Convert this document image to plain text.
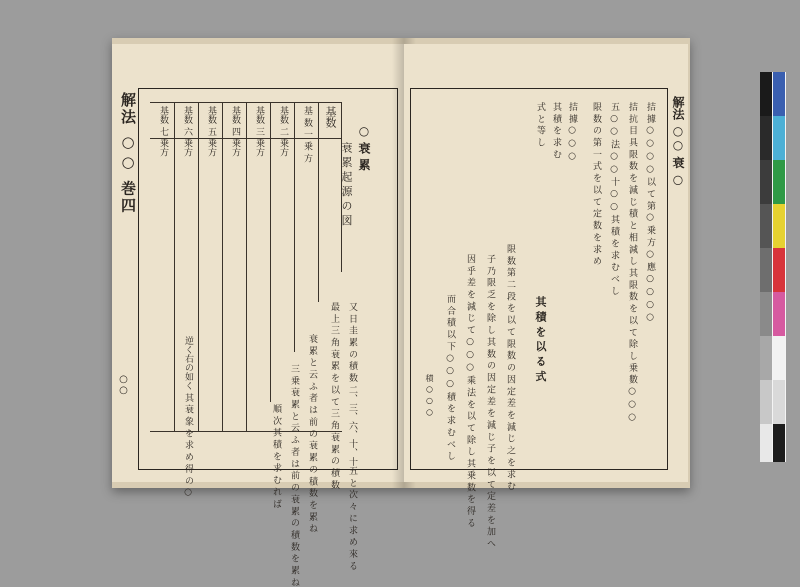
解法 ○○ 巻四
○○
基数
基 数 一 乗 方
基数 二 乗方
基数 三 乗方
基数 四 乗方
基数 五 乗方
基数 六 乗方
基数 七 乗方	○ 衰 累
衰 累 起 源 の 図
逆く右の如く 其 衰 象 を 求 め 得 の ○	又 日 圭 累 の 積 数 二、三、六、十、十五 と 次 々 に 求 め 來 る
最 上 三 角 衰 累 を 以 て 三 角 衰 累 の 積 数
衰 累 と 云 ふ 者 は 前 の 衰 累 の 積 数 を 累 ね
三 乗 衰 累 と 云 ふ 者 は 前 の 衰 累 の 積 数 を 累 ね
順 次 其 積 を 求 む れ ば
解法 ○○ 衰 ○
拮 據 ○ ○ ○ ○ 以 て 第 ○ 乗 方 ○ 應 ○ ○ ○ ○
拮 抗 目 具 限 数 を 減 じ 積 と 相 減 し 其 限 数 を 以 て 除 し 乗 數 ○ ○ ○
五 ○ ○ 法 ○ ○ 十 ○ ○ 其 積 を 求 む べ し
限 数 の 第 一 式 を 以 て 定 数 を 求 め
拮 據 ○ ○ ○
其 積 を 求 む
式 と 等 し
限 数 第 二 段 を 以 て 限 数 の 因 定 差 を 減 じ 之 を 求 む
子 乃 限 乏 を 除 し 其 数 の 因 定 差 を 減 じ 子 を 以 て 定 差 を 加 へ
因 乎 差 を 減 じ て ○ ○ ○ 乘 法 を 以 て 除 し 其 乗 数 を 得 る
而 合 積 以 下 ○ ○ ○ 積 を 求 む べ し	其 積 を 以 る 式
積 ○ ○ ○
